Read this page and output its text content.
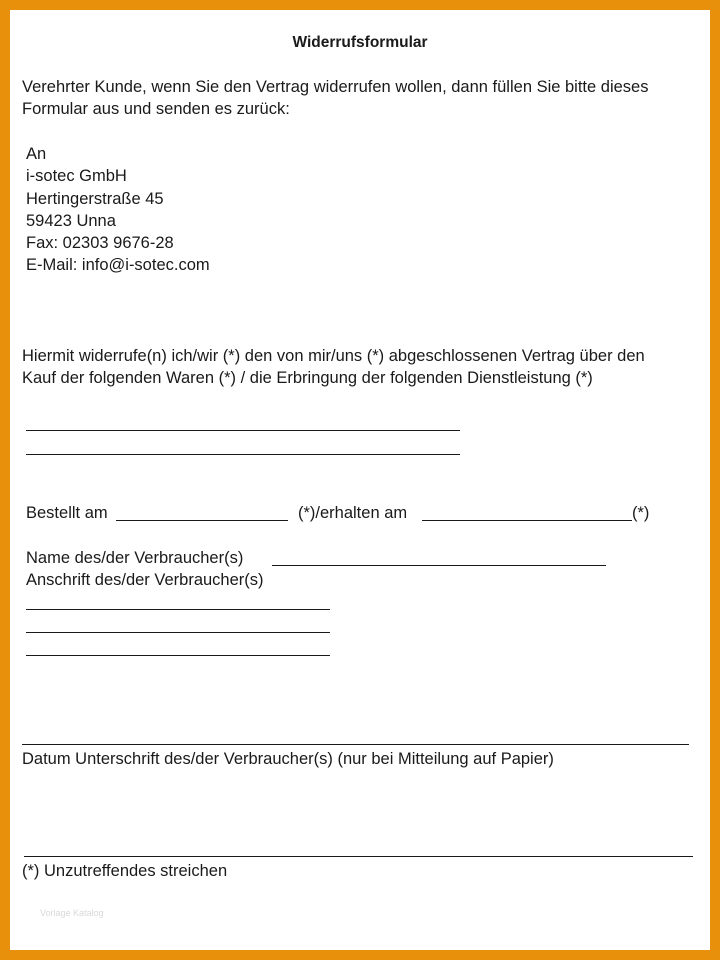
Widerrufsformular
Verehrter Kunde, wenn Sie den Vertrag widerrufen wollen, dann füllen Sie bitte dieses
Formular aus und senden es zurück:
An
i-sotec GmbH
Hertingerstraße 45
59423 Unna
Fax: 02303 9676-28
E-Mail: info@i-sotec.com
Hiermit widerrufe(n) ich/wir (*) den von mir/uns (*) abgeschlossenen Vertrag über den
Kauf der folgenden Waren (*) / die Erbringung der folgenden Dienstleistung (*)
Bestellt am	(*)/erhalten am	(*)
Name des/der Verbraucher(s)
Anschrift des/der Verbraucher(s)
Datum Unterschrift des/der Verbraucher(s) (nur bei Mitteilung auf Papier)
(*) Unzutreffendes streichen
Vorlage Katalog
